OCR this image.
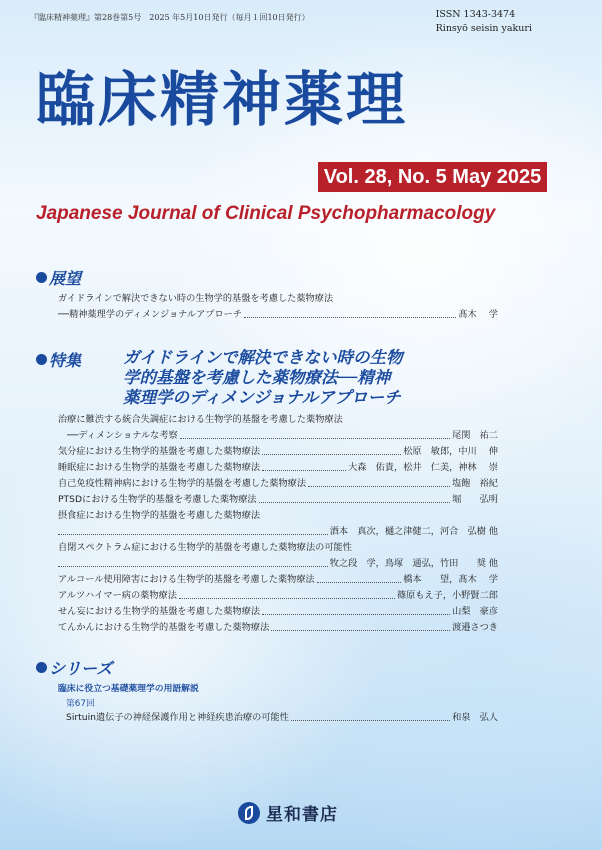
『臨床精神薬理』第28巻第5号　2025 年5月10日発行（毎月１回10日発行）	ISSN 1343-3474
Rinsyō seisin yakuri
臨床精神薬理
Vol. 28, No. 5 May 2025
Japanese Journal of Clinical Psychopharmacology
展望
ガイドラインで解決できない時の生物学的基盤を考慮した薬物療法
──精神薬理学のディメンジョナルアプローチ	髙木　 学
特集	ガイドラインで解決できない時の生物
学的基盤を考慮した薬物療法──精神
薬理学のディメンジョナルアプローチ
治療に難渋する統合失調症における生物学的基盤を考慮した薬物療法
　──ディメンショナルな考察	尾関　祐二
気分症における生物学的基盤を考慮した薬物療法	松原　敏郎，中川　 伸
睡眠症における生物学的基盤を考慮した薬物療法	大森　佑貴，松井　仁美，神林　 崇
自己免疫性精神病における生物学的基盤を考慮した薬物療法	塩飽　裕紀
PTSDにおける生物学的基盤を考慮した薬物療法	堀　　弘明
摂食症における生物学的基盤を考慮した薬物療法
酒本　真次，樋之津健二，河合　弘樹 他
自閉スペクトラム症における生物学的基盤を考慮した薬物療法の可能性
牧之段　学，鳥塚　通弘，竹田　　奨 他
アルコール使用障害における生物学的基盤を考慮した薬物療法	橋本　　望，髙木　 学
アルツハイマー病の薬物療法	篠原もえ子，小野賢二郎
せん妄における生物学的基盤を考慮した薬物療法	山梨　豪彦
てんかんにおける生物学的基盤を考慮した薬物療法	渡邉さつき
シリーズ
臨床に役立つ基礎薬理学の用語解説
第67回
Sirtuin遺伝子の神経保護作用と神経疾患治療の可能性	和泉　弘人
星和書店
